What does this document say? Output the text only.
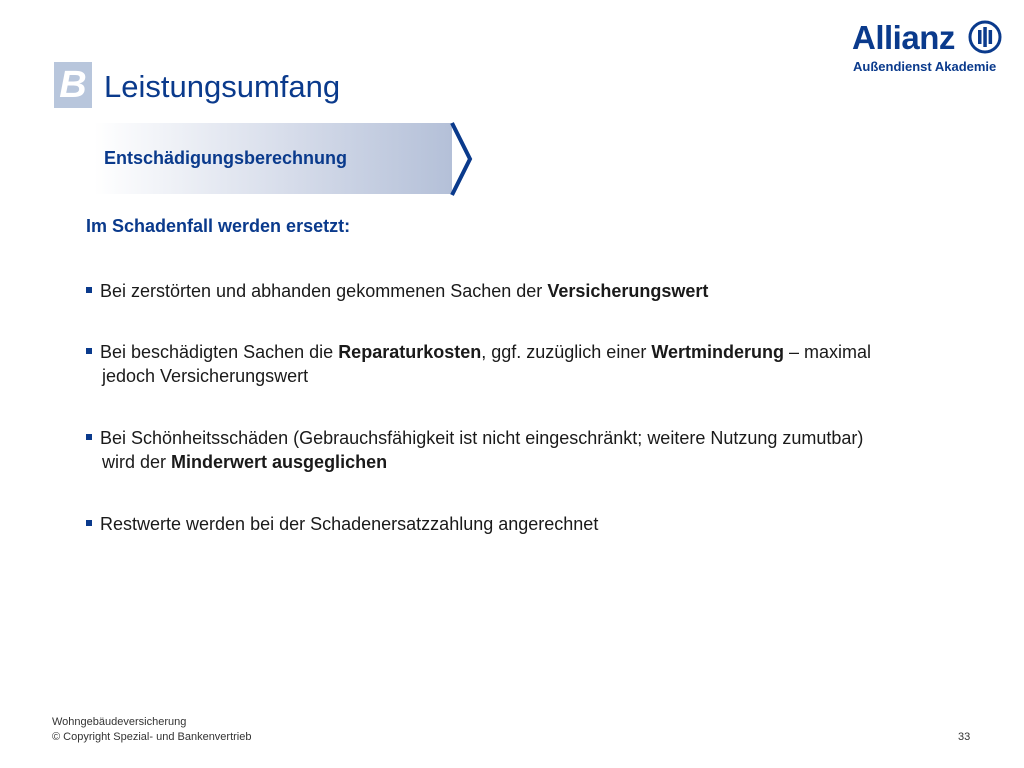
B Leistungsumfang
Allianz
Außendienst Akademie
Entschädigungsberechnung
Im Schadenfall werden ersetzt:
Bei zerstörten und abhanden gekommenen Sachen der Versicherungswert
Bei beschädigten Sachen die Reparaturkosten, ggf. zuzüglich einer Wertminderung – maximal
jedoch Versicherungswert
Bei Schönheitsschäden (Gebrauchsfähigkeit ist nicht eingeschränkt; weitere Nutzung zumutbar)
wird der Minderwert ausgeglichen
Restwerte werden bei der Schadenersatzzahlung angerechnet
Wohngebäudeversicherung
© Copyright Spezial- und Bankenvertrieb	33
